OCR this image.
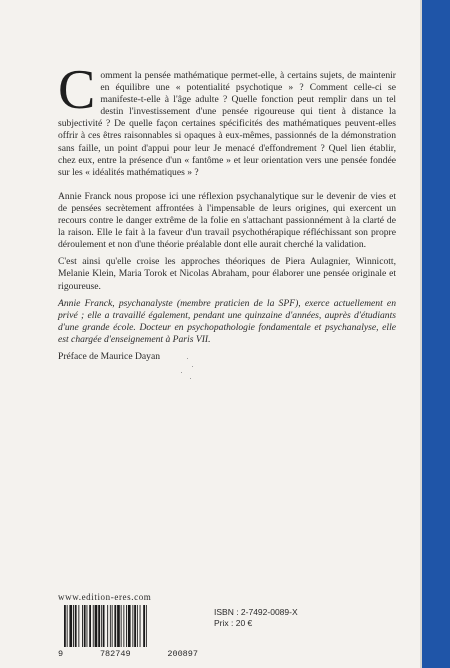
Comment la pensée mathématique permet-elle, à certains sujets, de maintenir en équilibre une « potentialité psychotique » ? Comment celle-ci se manifeste-t-elle à l'âge adulte ? Quelle fonction peut remplir dans un tel destin l'investissement d'une pensée rigoureuse qui tient à distance la subjectivité ? De quelle façon certaines spécificités des mathématiques peuvent-elles offrir à ces êtres raisonnables si opaques à eux-mêmes, passionnés de la démonstration sans faille, un point d'appui pour leur Je menacé d'effondrement ? Quel lien établir, chez eux, entre la présence d'un « fantôme » et leur orientation vers une pensée fondée sur les « idéalités mathématiques » ?

Annie Franck nous propose ici une réflexion psychanalytique sur le devenir de vies et de pensées secrètement affrontées à l'impensable de leurs origines, qui exercent un recours contre le danger extrême de la folie en s'attachant passionnément à la clarté de la raison. Elle le fait à la faveur d'un travail psychothérapique réfléchissant son propre déroulement et non d'une théorie préalable dont elle aurait cherché la validation.

C'est ainsi qu'elle croise les approches théoriques de Piera Aulagnier, Winnicott, Melanie Klein, Maria Torok et Nicolas Abraham, pour élaborer une pensée originale et rigoureuse.

Annie Franck, psychanalyste (membre praticien de la SPF), exerce actuellement en privé ; elle a travaillé également, pendant une quinzaine d'années, auprès d'étudiants d'une grande école. Docteur en psychopathologie fondamentale et psychanalyse, elle est chargée d'enseignement à Paris VII.

Préface de Maurice Dayan

www.edition-eres.com
9	782749	200897
ISBN : 2-7492-0089-X
Prix : 20 €
